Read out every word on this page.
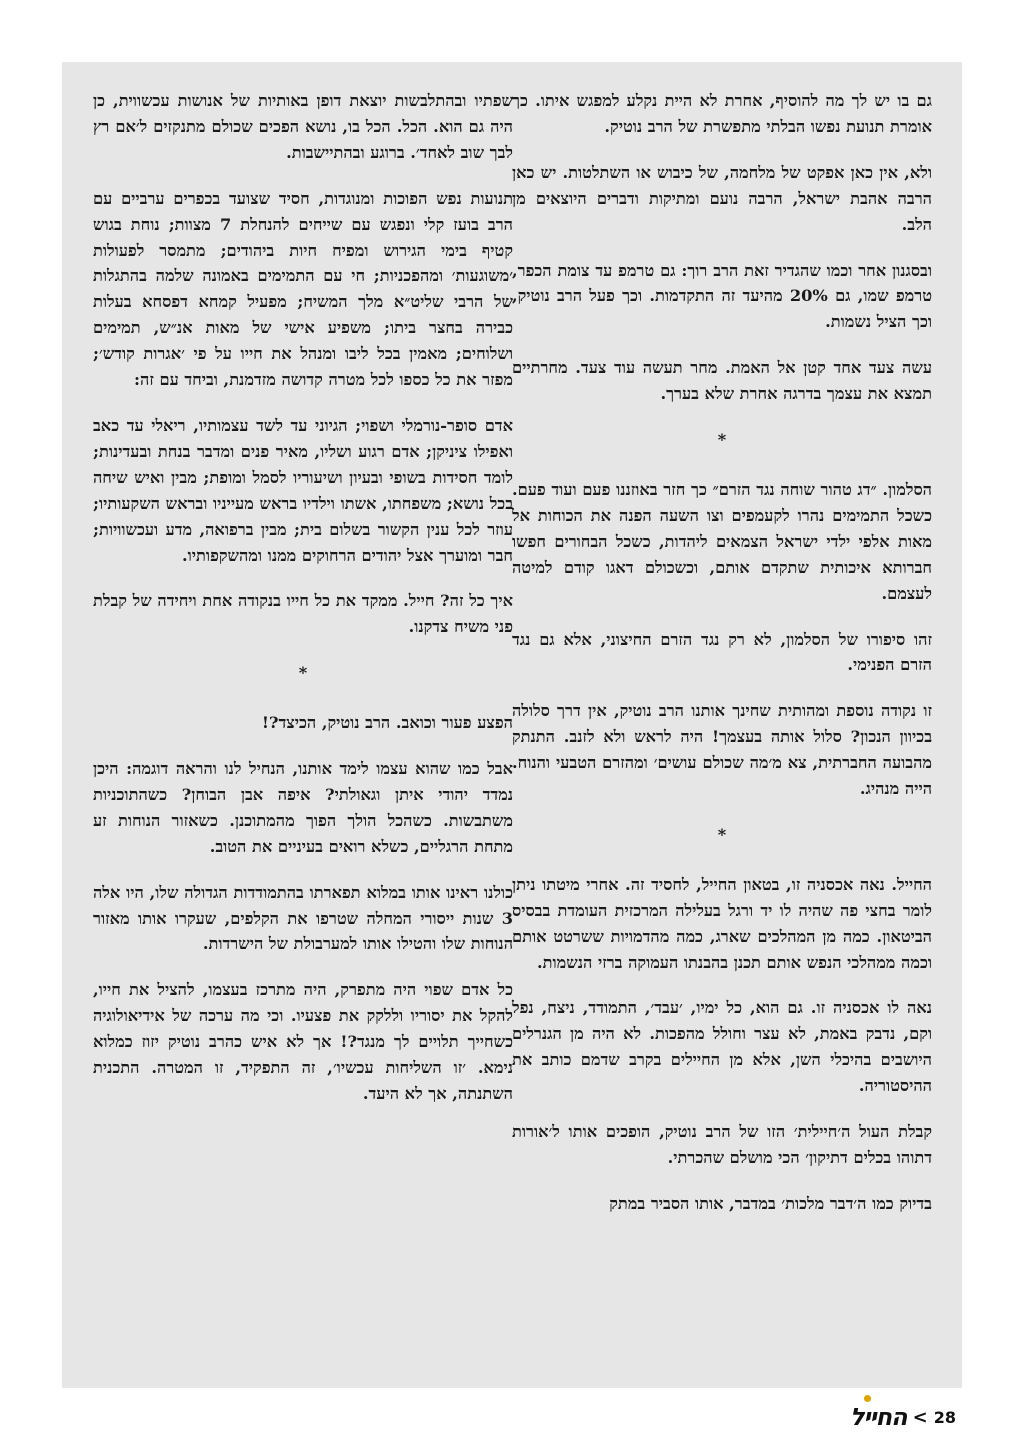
גם בו יש לך מה להוסיף, אחרת לא היית נקלע למפגש איתו. כך אומרת תנועת נפשו הבלתי מתפשרת של הרב נוטיק.

ולא, אין כאן אפקט של מלחמה, של כיבוש או השתלטות. יש כאן הרבה אהבת ישראל, הרבה נועם ומתיקות ודברים היוצאים מן הלב.

ובסגנון אחר וכמו שהגדיר זאת הרב רוך: גם טרמפ עד צומת הכפר, טרמפ שמו, גם 20% מהיעד זה התקדמות. וכך פעל הרב נוטיק, וכך הציל נשמות.

עשה צעד אחד קטן אל האמת. מחר תעשה עוד צעד. מחרתיים תמצא את עצמך בדרגה אחרת שלא בערך.

*

הסלמון. ״דג טהור שוחה נגד הזרם״ כך חזר באוזננו פעם ועוד פעם. כשכל התמימים נהרו לקעמפים וצו השעה הפנה את הכוחות אל מאות אלפי ילדי ישראל הצמאים ליהדות, כשכל הבחורים חפשו חברותא איכותית שתקדם אותם, וכשכולם דאגו קודם למיטה לעצמם.

זהו סיפורו של הסלמון, לא רק נגד הזרם החיצוני, אלא גם נגד הזרם הפנימי.

זו נקודה נוספת ומהותית שחינך אותנו הרב נוטיק, אין דרך סלולה בכיוון הנכון? סלול אותה בעצמך! היה לראש ולא לזנב. התנתק מהבועה החברתית, צא מ׳מה שכולם עושים׳ ומהזרם הטבעי והנוח. הייה מנהיג.

*

החייל. נאה אכסניה זו, בטאון החייל, לחסיד זה. אחרי מיטתו ניתן לומר בחצי פה שהיה לו יד ורגל בעלילה המרכזית העומדת בבסיס הביטאון. כמה מן המהלכים שארג, כמה מהדמויות ששרטט אותם וכמה ממהלכי הנפש אותם תכנן בהבנתו העמוקה ברזי הנשמות.

נאה לו אכסניה זו. גם הוא, כל ימיו, ׳עבד׳, התמודד, ניצח, נפל וקם, נדבק באמת, לא עצר וחולל מהפכות. לא היה מן הגנרלים היושבים בהיכלי השן, אלא מן החיילים בקרב שדמם כותב את ההיסטוריה.

קבלת העול ה׳חיילית׳ הזו של הרב נוטיק, הופכים אותו ל׳אורות דתוהו בכלים דתיקון׳ הכי מושלם שהכרתי.

בדיוק כמו ה׳דבר מלכות׳ במדבר, אותו הסביר במתק

שפתיו ובהתלבשות יוצאת דופן באותיות של אנושות עכשווית, כן היה גם הוא. הכל. הכל בו, נושא הפכים שכולם מתנקזים ל׳אם רץ לבך שוב לאחד׳. ברוגע ובהתיישבות.

תנועות נפש הפוכות ומנוגדות, חסיד שצועד בכפרים ערביים עם הרב בועז קלי ונפגש עם שייחים להנחלת 7 מצוות; נוחת בגוש קטיף בימי הגירוש ומפיח חיות ביהודים; מתמסר לפעולות ׳משוגעות׳ ומהפכניות; חי עם התמימים באמונה שלמה בהתגלות של הרבי שליט״א מלך המשיח; מפעיל קמחא דפסחא בעלות כבירה בחצר ביתו; משפיע אישי של מאות אנ״ש, תמימים ושלוחים; מאמין בכל ליבו ומנהל את חייו על פי ׳אגרות קודש׳; מפזר את כל כספו לכל מטרה קדושה מזדמנת, וביחד עם זה:

אדם סופר-נורמלי ושפוי; הגיוני עד לשד עצמותיו, ריאלי עד כאב ואפילו ציניקן; אדם רגוע ושליו, מאיר פנים ומדבר בנחת ובעדינות; לומד חסידות בשופי ובעיון ושיעוריו לסמל ומופת; מבין ואיש שיחה בכל נושא; משפחתו, אשתו וילדיו בראש מעייניו ובראש השקעותיו; עוזר לכל ענין הקשור בשלום בית; מבין ברפואה, מדע ועכשוויות; חבר ומוערך אצל יהודים הרחוקים ממנו ומהשקפותיו.

איך כל זה? חייל. ממקד את כל חייו בנקודה אחת ויחידה של קבלת פני משיח צדקנו.

*

הפצע פעור וכואב. הרב נוטיק, הכיצד?!

אבל כמו שהוא עצמו לימד אותנו, הנחיל לנו והראה דוגמה: היכן נמדד יהודי איתן וגאולתי? איפה אבן הבוחן? כשהתוכניות משתבשות. כשהכל הולך הפוך מהמתוכנן. כשאזור הנוחות זע מתחת הרגליים, כשלא רואים בעיניים את הטוב.

כולנו ראינו אותו במלוא תפארתו בהתמודדות הגדולה שלו, היו אלה 3 שנות ייסורי המחלה שטרפו את הקלפים, שעקרו אותו מאזור הנוחות שלו והטילו אותו למערבולת של הישרדות.

כל אדם שפוי היה מתפרק, היה מתרכז בעצמו, להציל את חייו, להקל את יסוריו וללקק את פצעיו. וכי מה ערכה של אידיאולוגיה כשחייך תלויים לך מנגד?! אך לא איש כהרב נוטיק יזוז כמלוא נימא. ׳זו השליחות עכשיו׳, זה התפקיד, זו המטרה. התכנית השתנתה, אך לא היעד.

החייל < 28
